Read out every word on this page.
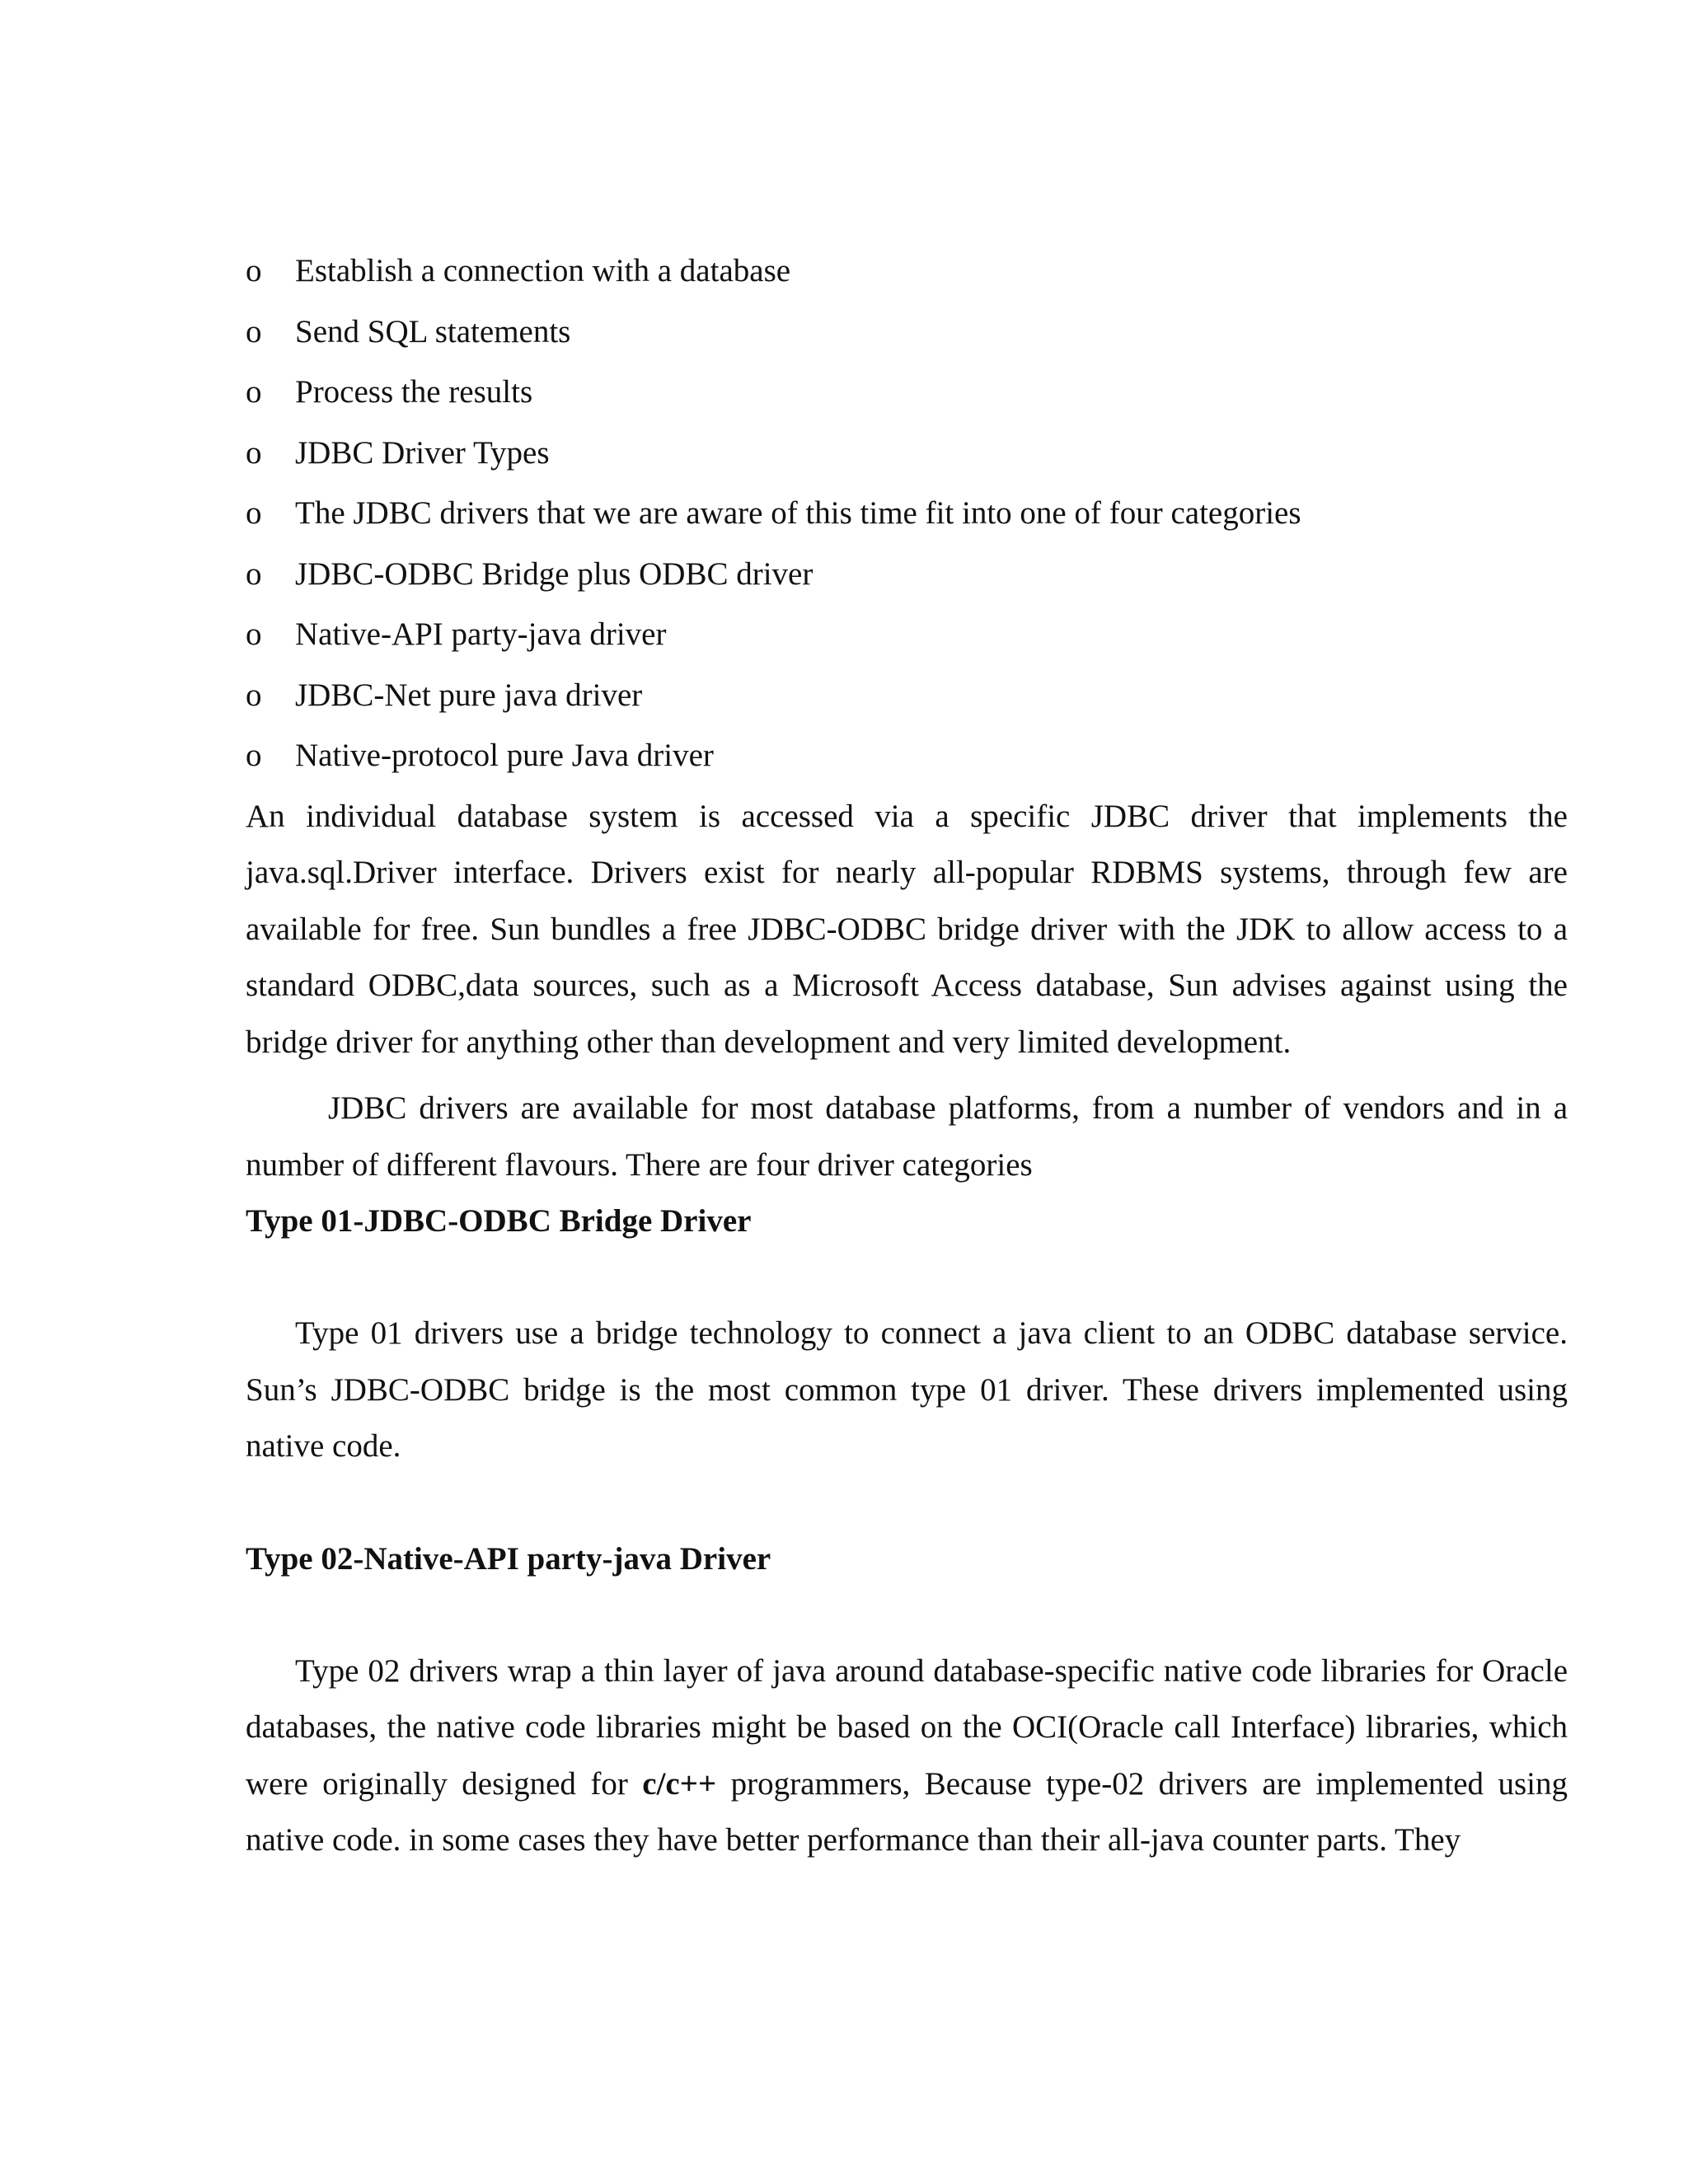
o	Establish a connection with a database
o	Send SQL statements
o	Process the results
o	JDBC Driver Types
o	The JDBC drivers that we are aware of this time fit into one of four categories
o	JDBC-ODBC Bridge plus ODBC driver
o	Native-API party-java driver
o	JDBC-Net pure java driver
o	Native-protocol pure Java driver

An individual database system is accessed via a specific JDBC driver that implements the java.sql.Driver interface. Drivers exist for nearly all-popular RDBMS systems, through few are available for free. Sun bundles a free JDBC-ODBC bridge driver with the JDK to allow access to a standard ODBC,data sources, such as a Microsoft Access database, Sun advises against using the bridge driver for anything other than development and very limited development.

JDBC drivers are available for most database platforms, from a number of vendors and in a number of different flavours. There are four driver categories

Type 01-JDBC-ODBC Bridge Driver

Type 01 drivers use a bridge technology to connect a java client to an ODBC database service. Sun’s JDBC-ODBC bridge is the most common type 01 driver. These drivers implemented using native code.

Type 02-Native-API party-java Driver

Type 02 drivers wrap a thin layer of java around database-specific native code libraries for Oracle databases, the native code libraries might be based on the OCI(Oracle call Interface) libraries, which were originally designed for c/c++ programmers, Because type-02 drivers are implemented using native code. in some cases they have better performance than their all-java counter parts. They
